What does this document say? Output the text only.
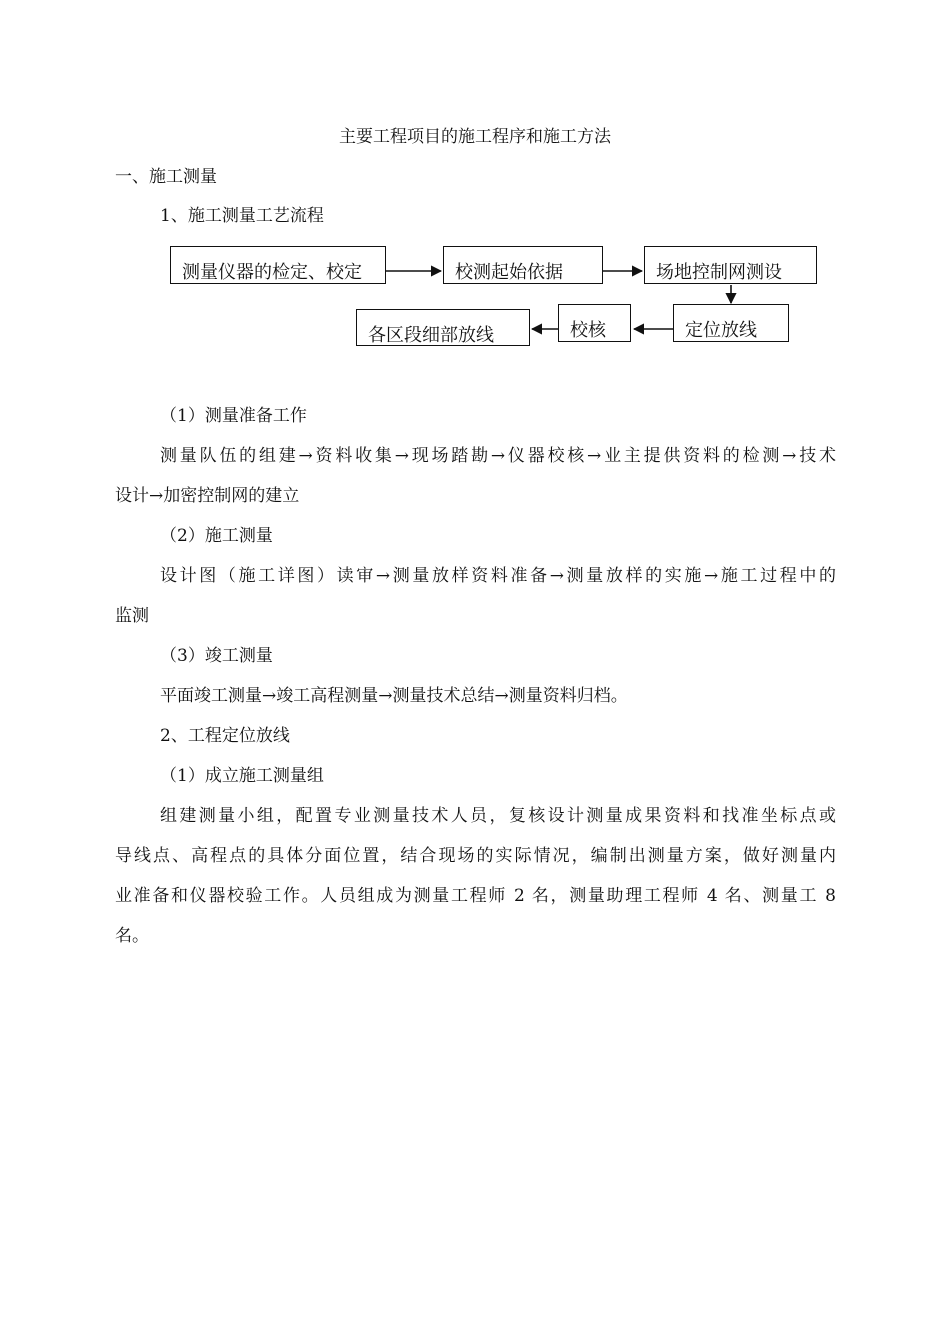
主要工程项目的施工程序和施工方法
一、施工测量
1、施工测量工艺流程
测量仪器的检定、校定	校测起始依据	场地控制网测设
定位放线
校核
各区段细部放线
（1）测量准备工作
测量队伍的组建→资料收集→现场踏勘→仪器校核→业主提供资料的检测→技术
设计→加密控制网的建立
（2）施工测量
设计图（施工详图）读审→测量放样资料准备→测量放样的实施→施工过程中的
监测
（3）竣工测量
平面竣工测量→竣工高程测量→测量技术总结→测量资料归档。
2、工程定位放线
（1）成立施工测量组
组建测量小组，配置专业测量技术人员，复核设计测量成果资料和找准坐标点或
导线点、高程点的具体分面位置，结合现场的实际情况，编制出测量方案，做好测量内
业准备和仪器校验工作。人员组成为测量工程师 2 名，测量助理工程师 4 名、测量工 8
名。
